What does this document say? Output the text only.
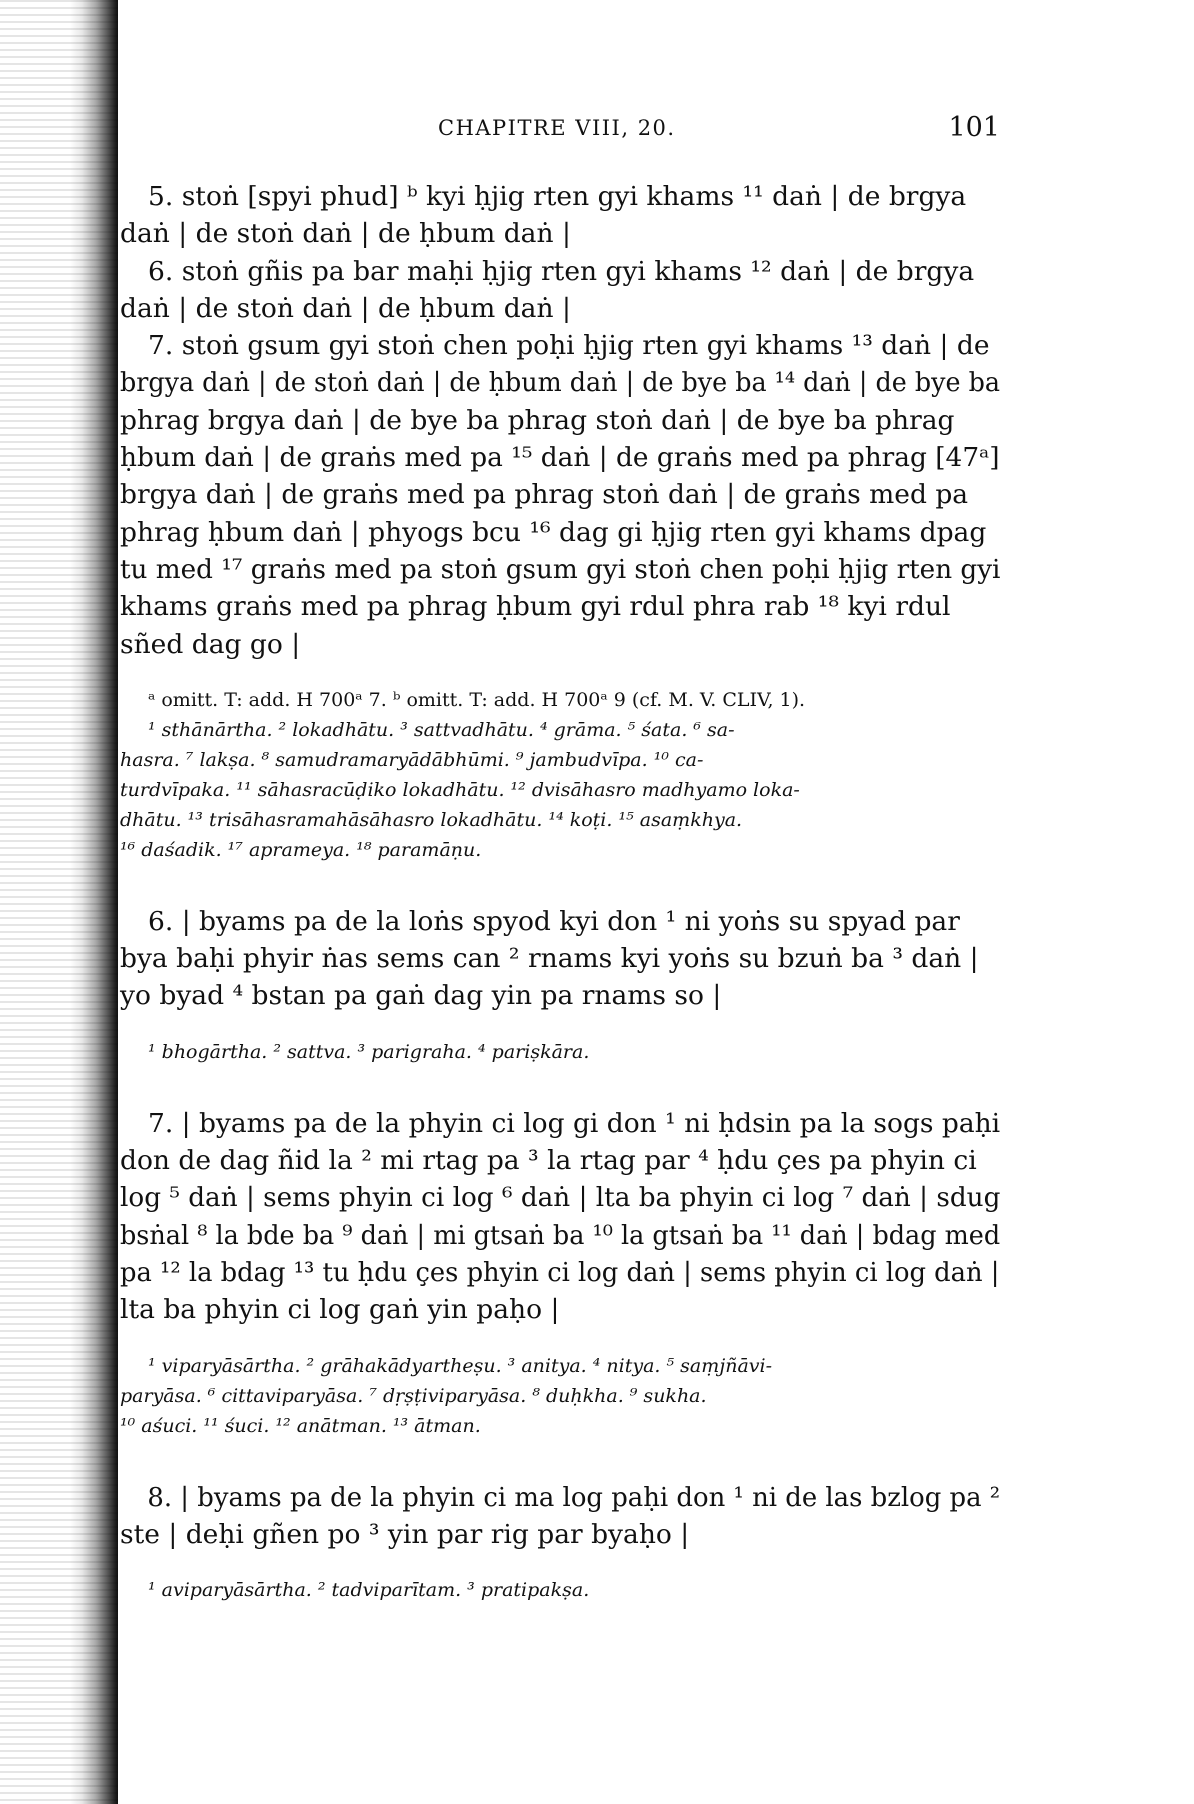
CHAPITRE VIII, 20.	101
5. stoṅ [spyi phud] ᵇ kyi ḥjig rten gyi khams ¹¹ daṅ | de brgya
daṅ | de stoṅ daṅ | de ḥbum daṅ |
6. stoṅ gñis pa bar maḥi ḥjig rten gyi khams ¹² daṅ | de brgya
daṅ | de stoṅ daṅ | de ḥbum daṅ |
7. stoṅ gsum gyi stoṅ chen poḥi ḥjig rten gyi khams ¹³ daṅ | de
brgya daṅ | de stoṅ daṅ | de ḥbum daṅ | de bye ba ¹⁴ daṅ | de bye ba
phrag brgya daṅ | de bye ba phrag stoṅ daṅ | de bye ba phrag
ḥbum daṅ | de graṅs med pa ¹⁵ daṅ | de graṅs med pa phrag [47ᵃ]
brgya daṅ | de graṅs med pa phrag stoṅ daṅ | de graṅs med pa
phrag ḥbum daṅ | phyogs bcu ¹⁶ dag gi ḥjig rten gyi khams dpag
tu med ¹⁷ graṅs med pa stoṅ gsum gyi stoṅ chen poḥi ḥjig rten gyi
khams graṅs med pa phrag ḥbum gyi rdul phra rab ¹⁸ kyi rdul
sñed dag go |
ᵃ omitt. T: add. H 700ᵃ 7. ᵇ omitt. T: add. H 700ᵃ 9 (cf. M. V. CLIV, 1).
¹ sthānārtha. ² lokadhātu. ³ sattvadhātu. ⁴ grāma. ⁵ śata. ⁶ sa-
hasra. ⁷ lakṣa. ⁸ samudramaryādābhūmi. ⁹ jambudvīpa. ¹⁰ ca-
turdvīpaka. ¹¹ sāhasracūḍiko lokadhātu. ¹² dvisāhasro madhyamo loka-
dhātu. ¹³ trisāhasramahāsāhasro lokadhātu. ¹⁴ koṭi. ¹⁵ asaṃkhya.
¹⁶ daśadik. ¹⁷ aprameya. ¹⁸ paramāṇu.
6. | byams pa de la loṅs spyod kyi don ¹ ni yoṅs su spyad par
bya baḥi phyir ṅas sems can ² rnams kyi yoṅs su bzuṅ ba ³ daṅ |
yo byad ⁴ bstan pa gaṅ dag yin pa rnams so |
¹ bhogārtha. ² sattva. ³ parigraha. ⁴ pariṣkāra.
7. | byams pa de la phyin ci log gi don ¹ ni ḥdsin pa la sogs paḥi
don de dag ñid la ² mi rtag pa ³ la rtag par ⁴ ḥdu çes pa phyin ci
log ⁵ daṅ | sems phyin ci log ⁶ daṅ | lta ba phyin ci log ⁷ daṅ | sdug
bsṅal ⁸ la bde ba ⁹ daṅ | mi gtsaṅ ba ¹⁰ la gtsaṅ ba ¹¹ daṅ | bdag med
pa ¹² la bdag ¹³ tu ḥdu çes phyin ci log daṅ | sems phyin ci log daṅ |
lta ba phyin ci log gaṅ yin paḥo |
¹ viparyāsārtha. ² grāhakādyartheṣu. ³ anitya. ⁴ nitya. ⁵ saṃjñāvi-
paryāsa. ⁶ cittaviparyāsa. ⁷ dṛṣṭiviparyāsa. ⁸ duḥkha. ⁹ sukha.
¹⁰ aśuci. ¹¹ śuci. ¹² anātman. ¹³ ātman.
8. | byams pa de la phyin ci ma log paḥi don ¹ ni de las bzlog pa ²
ste | deḥi gñen po ³ yin par rig par byaḥo |
¹ aviparyāsārtha. ² tadviparītam. ³ pratipakṣa.
